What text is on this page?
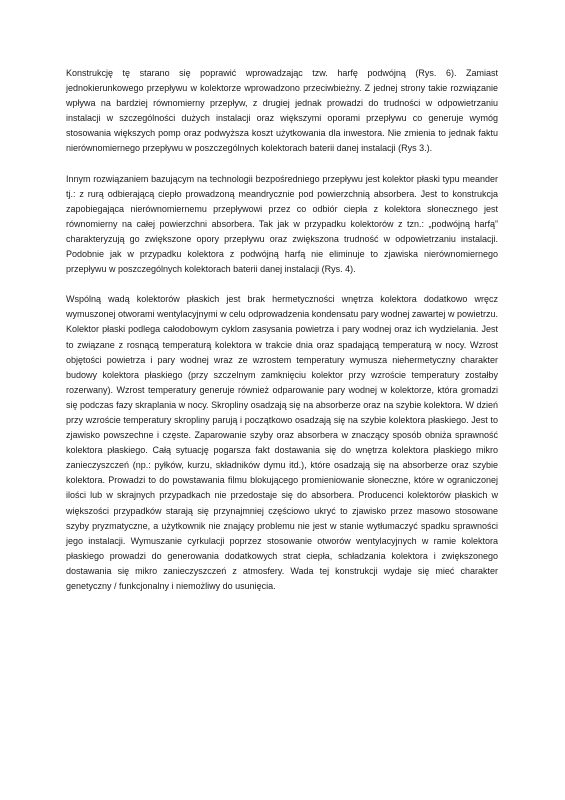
Konstrukcję tę starano się poprawić wprowadzając tzw. harfę podwójną (Rys. 6). Zamiast jednokierunkowego przepływu w kolektorze wprowadzono przeciwbieżny. Z jednej strony takie rozwiązanie wpływa na bardziej równomierny przepływ, z drugiej jednak prowadzi do trudności w odpowietrzaniu instalacji w szczególności dużych instalacji oraz większymi oporami przepływu co generuje wymóg stosowania większych pomp oraz podwyższa koszt użytkowania dla inwestora. Nie zmienia to jednak faktu nierównomiernego przepływu w poszczególnych kolektorach baterii danej instalacji (Rys 3.).

Innym rozwiązaniem bazującym na technologii bezpośredniego przepływu jest kolektor płaski typu meander tj.: z rurą odbierającą ciepło prowadzoną meandrycznie pod powierzchnią absorbera. Jest to konstrukcja zapobiegająca nierównomiernemu przepływowi przez co odbiór ciepła z kolektora słonecznego jest równomierny na całej powierzchni absorbera. Tak jak w przypadku kolektorów z tzn.: „podwójną harfą” charakteryzują go zwiększone opory przepływu oraz zwiększona trudność w odpowietrzaniu instalacji. Podobnie jak w przypadku kolektora z podwójną harfą nie eliminuje to zjawiska nierównomiernego przepływu w poszczególnych kolektorach baterii danej instalacji (Rys. 4).

Wspólną wadą kolektorów płaskich jest brak hermetyczności wnętrza kolektora dodatkowo wręcz wymuszonej otworami wentylacyjnymi w celu odprowadzenia kondensatu pary wodnej zawartej w powietrzu. Kolektor płaski podlega całodobowym cyklom zasysania powietrza i pary wodnej oraz ich wydzielania. Jest to związane z rosnącą temperaturą kolektora w trakcie dnia oraz spadającą temperaturą w nocy. Wzrost objętości powietrza i pary wodnej wraz ze wzrostem temperatury wymusza niehermetyczny charakter budowy kolektora płaskiego (przy szczelnym zamknięciu kolektor przy wzroście temperatury zostałby rozerwany). Wzrost temperatury generuje również odparowanie pary wodnej w kolektorze, która gromadzi się podczas fazy skraplania w nocy. Skropliny osadzają się na absorberze oraz na szybie kolektora. W dzień przy wzroście temperatury skropliny parują i początkowo osadzają się na szybie kolektora płaskiego. Jest to zjawisko powszechne i częste. Zaparowanie szyby oraz absorbera w znaczący sposób obniża sprawność kolektora płaskiego. Całą sytuację pogarsza fakt dostawania się do wnętrza kolektora płaskiego mikro zanieczyszczeń (np.: pyłków, kurzu, składników dymu itd.), które osadzają się na absorberze oraz szybie kolektora. Prowadzi to do powstawania filmu blokującego promieniowanie słoneczne, które w ograniczonej ilości lub w skrajnych przypadkach nie przedostaje się do absorbera. Producenci kolektorów płaskich w większości przypadków starają się przynajmniej częściowo ukryć to zjawisko przez masowo stosowane szyby pryzmatyczne, a użytkownik nie znający problemu nie jest w stanie wytłumaczyć spadku sprawności jego instalacji. Wymuszanie cyrkulacji poprzez stosowanie otworów wentylacyjnych w ramie kolektora płaskiego prowadzi do generowania dodatkowych strat ciepła, schładzania kolektora i zwiększonego dostawania się mikro zanieczyszczeń z atmosfery. Wada tej konstrukcji wydaje się mieć charakter genetyczny / funkcjonalny i niemożliwy do usunięcia.
